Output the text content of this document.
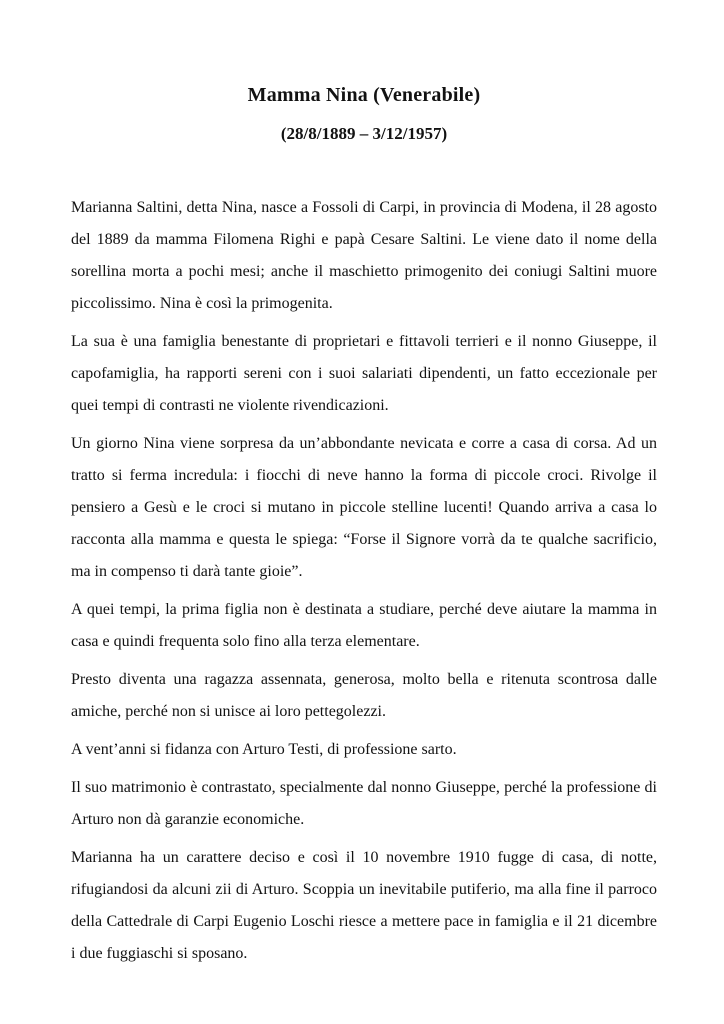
Mamma Nina (Venerabile)
(28/8/1889 – 3/12/1957)

Marianna Saltini, detta Nina, nasce a Fossoli di Carpi, in provincia di Modena, il 28 agosto del 1889 da mamma Filomena Righi e papà Cesare Saltini. Le viene dato il nome della sorellina morta a pochi mesi; anche il maschietto primogenito dei coniugi Saltini muore piccolissimo. Nina è così la primogenita.

La sua è una famiglia benestante di proprietari e fittavoli terrieri e il nonno Giuseppe, il capofamiglia, ha rapporti sereni con i suoi salariati dipendenti, un fatto eccezionale per quei tempi di contrasti ne violente rivendicazioni.

Un giorno Nina viene sorpresa da un’abbondante nevicata e corre a casa di corsa. Ad un tratto si ferma incredula: i fiocchi di neve hanno la forma di piccole croci. Rivolge il pensiero a Gesù e le croci si mutano in piccole stelline lucenti! Quando arriva a casa lo racconta alla mamma e questa le spiega: “Forse il Signore vorrà da te qualche sacrificio, ma in compenso ti darà tante gioie”.

A quei tempi, la prima figlia non è destinata a studiare, perché deve aiutare la mamma in casa e quindi frequenta solo fino alla terza elementare.

Presto diventa una ragazza assennata, generosa, molto bella e ritenuta scontrosa dalle amiche, perché non si unisce ai loro pettegolezzi.

A vent’anni si fidanza con Arturo Testi, di professione sarto.

Il suo matrimonio è contrastato, specialmente dal nonno Giuseppe, perché la professione di Arturo non dà garanzie economiche.

Marianna ha un carattere deciso e così il 10 novembre 1910 fugge di casa, di notte, rifugiandosi da alcuni zii di Arturo. Scoppia un inevitabile putiferio, ma alla fine il parroco della Cattedrale di Carpi Eugenio Loschi riesce a mettere pace in famiglia e il 21 dicembre i due fuggiaschi si sposano.
